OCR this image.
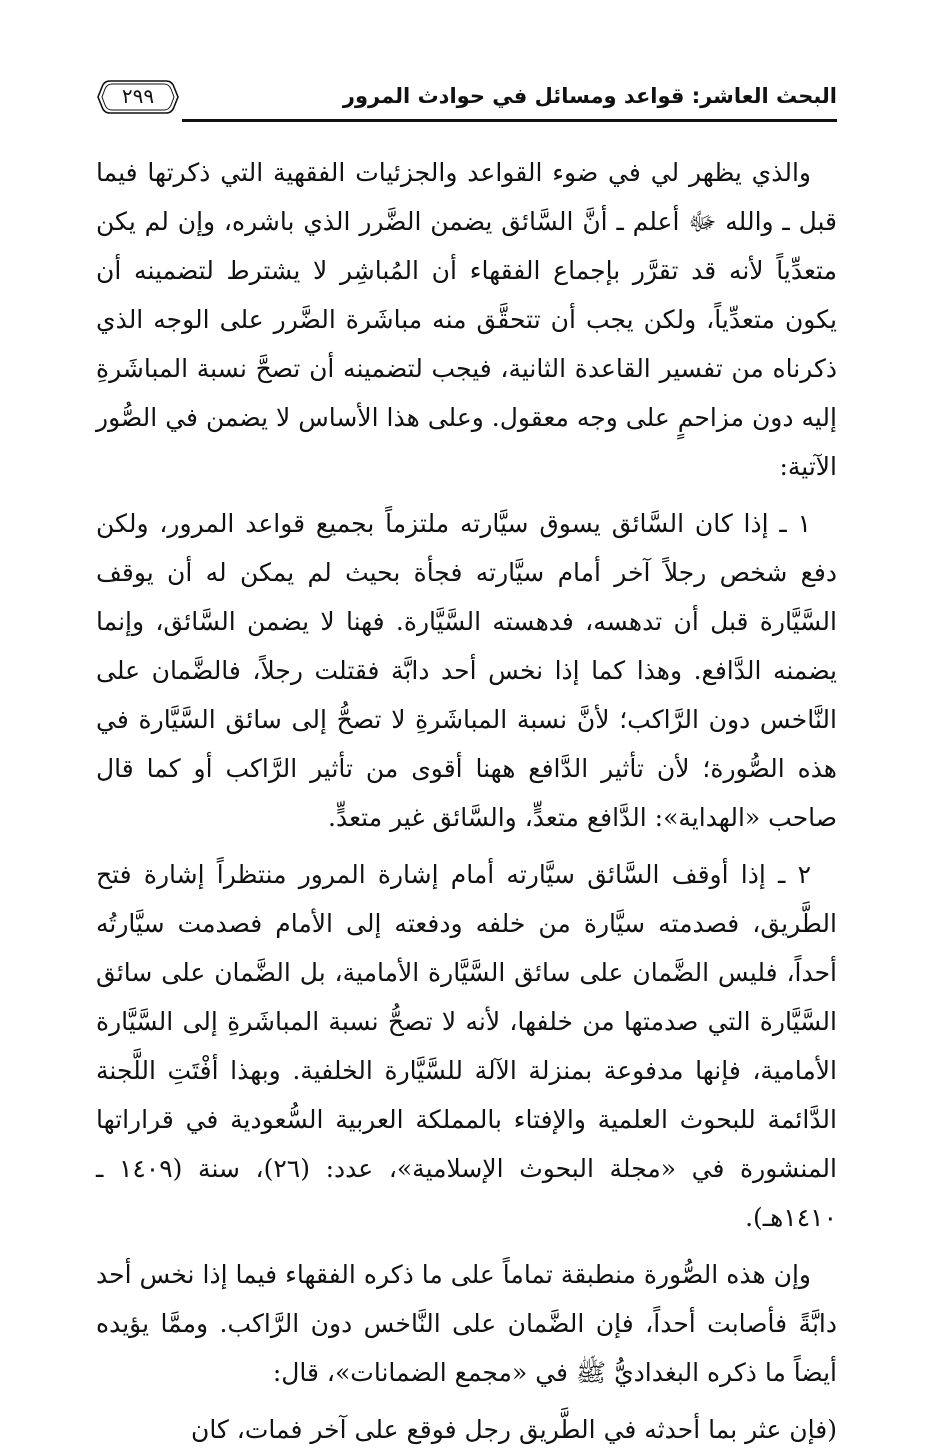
البحث العاشر: قواعد ومسائل في حوادث المرور
٢٩٩

والذي يظهر لي في ضوء القواعد والجزئيات الفقهية التي ذكرتها فيما قبل ـ والله ﷻ أعلم ـ أنَّ السَّائق يضمن الضَّرر الذي باشره، وإن لم يكن متعدِّياً لأنه قد تقرَّر بإجماع الفقهاء أن المُباشِر لا يشترط لتضمينه أن يكون متعدِّياً، ولكن يجب أن تتحقَّق منه مباشَرة الضَّرر على الوجه الذي ذكرناه من تفسير القاعدة الثانية، فيجب لتضمينه أن تصحَّ نسبة المباشَرةِ إليه دون مزاحمٍ على وجه معقول. وعلى هذا الأساس لا يضمن في الصُّور الآتية:

١ ـ إذا كان السَّائق يسوق سيَّارته ملتزماً بجميع قواعد المرور، ولكن دفع شخص رجلاً آخر أمام سيَّارته فجأة بحيث لم يمكن له أن يوقف السَّيَّارة قبل أن تدهسه، فدهسته السَّيَّارة. فهنا لا يضمن السَّائق، وإنما يضمنه الدَّافع. وهذا كما إذا نخس أحد دابَّة فقتلت رجلاً، فالضَّمان على النَّاخس دون الرَّاكب؛ لأنَّ نسبة المباشَرةِ لا تصحُّ إلى سائق السَّيَّارة في هذه الصُّورة؛ لأن تأثير الدَّافع ههنا أقوى من تأثير الرَّاكب أو كما قال صاحب «الهداية»: الدَّافع متعدٍّ، والسَّائق غير متعدٍّ.

٢ ـ إذا أوقف السَّائق سيَّارته أمام إشارة المرور منتظراً إشارة فتح الطَّريق، فصدمته سيَّارة من خلفه ودفعته إلى الأمام فصدمت سيَّارتُه أحداً، فليس الضَّمان على سائق السَّيَّارة الأمامية، بل الضَّمان على سائق السَّيَّارة التي صدمتها من خلفها، لأنه لا تصحُّ نسبة المباشَرةِ إلى السَّيَّارة الأمامية، فإنها مدفوعة بمنزلة الآلة للسَّيَّارة الخلفية. وبهذا أفْتَتِ اللَّجنة الدَّائمة للبحوث العلمية والإفتاء بالمملكة العربية السُّعودية في قراراتها المنشورة في «مجلة البحوث الإسلامية»، عدد: (٢٦)، سنة (١٤٠٩ ـ ١٤١٠هـ).

وإن هذه الصُّورة منطبقة تماماً على ما ذكره الفقهاء فيما إذا نخس أحد دابَّةً فأصابت أحداً، فإن الضَّمان على النَّاخس دون الرَّاكب. وممَّا يؤيده أيضاً ما ذكره البغداديُّ ﷺ في «مجمع الضمانات»، قال:

(فإن عثر بما أحدثه في الطَّريق رجل فوقع على آخر فمات، كان
